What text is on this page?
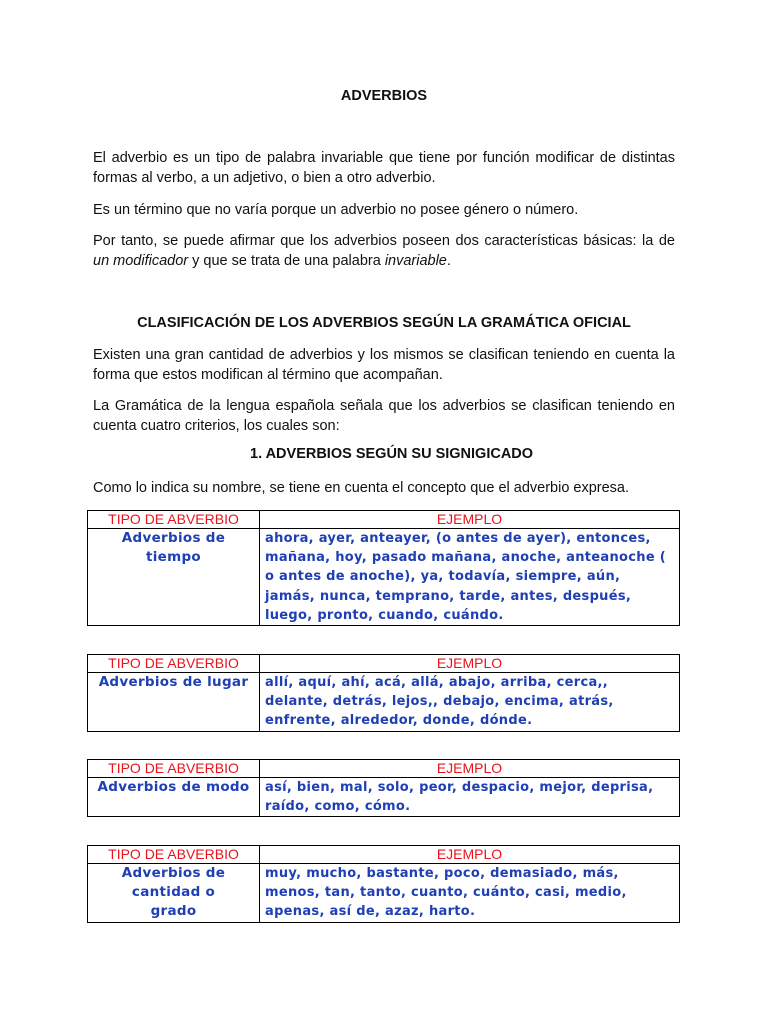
ADVERBIOS
El adverbio es un tipo de palabra invariable que tiene por función modificar de distintas formas al verbo, a un adjetivo, o bien a otro adverbio.
Es un término que no varía porque un adverbio no posee género o número.
Por tanto, se puede afirmar que los adverbios poseen dos características básicas: la de un modificador y que se trata de una palabra invariable.
CLASIFICACIÓN DE LOS ADVERBIOS SEGÚN LA GRAMÁTICA OFICIAL
Existen una gran cantidad de adverbios y los mismos se clasifican teniendo en cuenta la forma que estos modifican al término que acompañan.
La Gramática de la lengua española señala que los adverbios se clasifican teniendo en cuenta cuatro criterios, los cuales son:
1. ADVERBIOS SEGÚN SU SIGNIGICADO
Como lo indica su nombre, se tiene en cuenta el concepto que el adverbio expresa.
TIPO DE ABVERBIO	EJEMPLO
Adverbios de tiempo	ahora, ayer, anteayer, (o antes de ayer), entonces, mañana, hoy, pasado mañana, anoche, anteanoche ( o antes de anoche), ya, todavía, siempre, aún, jamás, nunca, temprano, tarde, antes, después, luego, pronto, cuando, cuándo.
TIPO DE ABVERBIO	EJEMPLO
Adverbios de lugar	allí, aquí, ahí, acá, allá, abajo, arriba, cerca,, delante, detrás, lejos,, debajo, encima, atrás, enfrente, alrededor, donde, dónde.
TIPO DE ABVERBIO	EJEMPLO
Adverbios de modo	así, bien, mal, solo, peor, despacio, mejor, deprisa, raído, como, cómo.
TIPO DE ABVERBIO	EJEMPLO
Adverbios de cantidad o grado	muy, mucho, bastante, poco, demasiado, más, menos, tan, tanto, cuanto, cuánto, casi, medio, apenas, así de, azaz, harto.
